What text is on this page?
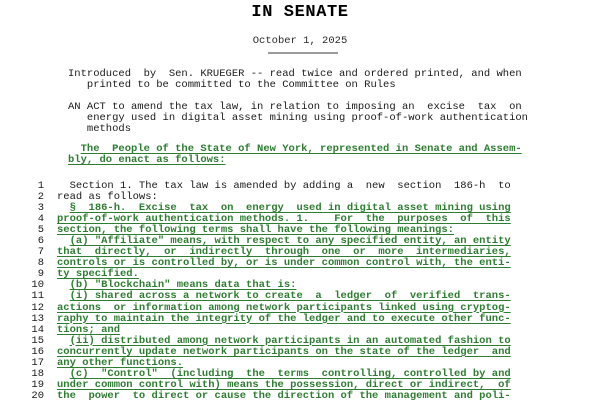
IN SENATE
October 1, 2025
Introduced  by  Sen. KRUEGER -- read twice and ordered printed, and when
printed to be committed to the Committee on Rules
AN ACT to amend the tax law, in relation to imposing an  excise  tax  on
energy used in digital asset mining using proof-of-work authentication
methods
The  People of the State of New York, represented in Senate and Assem-
bly, do enact as follows:
1	Section 1. The tax law is amended by adding a  new  section  186-h  to
2 read as follows:
3	§  186-h.  Excise  tax  on  energy  used in digital asset mining using
4 proof-of-work authentication methods. 1.    For  the  purposes  of  this
5 section, the following terms shall have the following meanings:
6	(a) "Affiliate" means, with respect to any specified entity, an entity
7 that  directly,  or  indirectly  through  one  or  more  intermediaries,
8 controls or is controlled by, or is under common control with, the enti-
9 ty specified.
10	(b) "Blockchain" means data that is:
11	(i) shared across a network to create  a  ledger  of  verified  trans-
12 actions  or information among network participants linked using cryptog-
13 raphy to maintain the integrity of the ledger and to execute other func-
14 tions; and
15	(ii) distributed among network participants in an automated fashion to
16 concurrently update network participants on the state of the ledger  and
17 any other functions.
18	(c)  "Control"  (including  the  terms  controlling, controlled by and
19 under common control with) means the possession, direct or indirect,  of
20 the  power  to direct or cause the direction of the management and poli-
